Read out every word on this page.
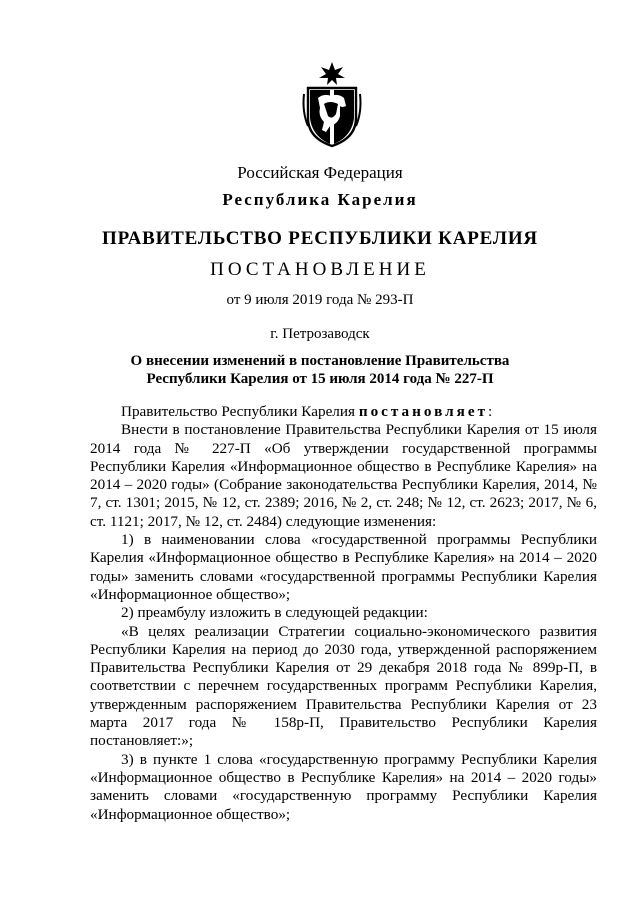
Российская Федерация
Республика Карелия
ПРАВИТЕЛЬСТВО РЕСПУБЛИКИ КАРЕЛИЯ
ПОСТАНОВЛЕНИЕ
от 9 июля 2019 года № 293-П
г. Петрозаводск
О внесении изменений в постановление Правительства
Республики Карелия от 15 июля 2014 года № 227-П

Правительство Республики Карелия постановляет:

Внести в постановление Правительства Республики Карелия от 15 июля 2014 года № 227-П «Об утверждении государственной программы Республики Карелия «Информационное общество в Республике Карелия» на 2014 – 2020 годы» (Собрание законодательства Республики Карелия, 2014, № 7, ст. 1301; 2015, № 12, ст. 2389; 2016, № 2, ст. 248; № 12, ст. 2623; 2017, № 6, ст. 1121; 2017, № 12, ст. 2484) следующие изменения:

1) в наименовании слова «государственной программы Республики Карелия «Информационное общество в Республике Карелия» на 2014 – 2020 годы» заменить словами «государственной программы Республики Карелия «Информационное общество»;

2) преамбулу изложить в следующей редакции:

«В целях реализации Стратегии социально-экономического развития Республики Карелия на период до 2030 года, утвержденной распоряжением Правительства Республики Карелия от 29 декабря 2018 года № 899р-П, в соответствии с перечнем государственных программ Республики Карелия, утвержденным распоряжением Правительства Республики Карелия от 23 марта 2017 года № 158р-П, Правительство Республики Карелия постановляет:»;

3) в пункте 1 слова «государственную программу Республики Карелия «Информационное общество в Республике Карелия» на 2014 – 2020 годы» заменить словами «государственную программу Республики Карелия «Информационное общество»;
